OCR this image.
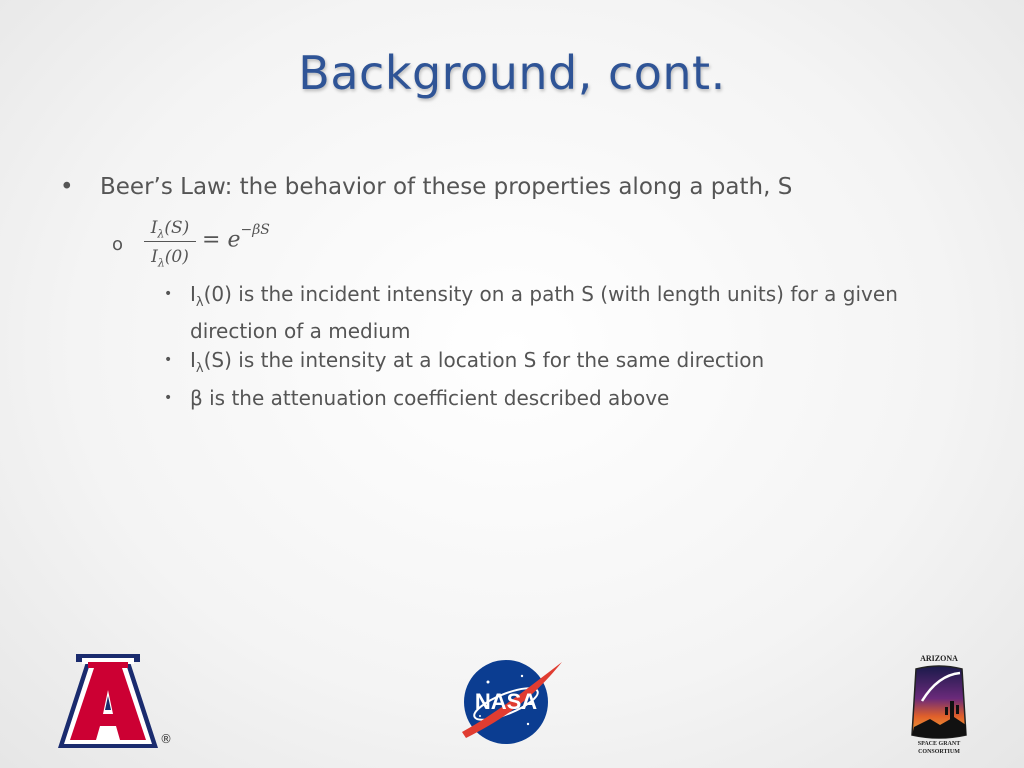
Background, cont.
• Beer’s Law: the behavior of these properties along a path, S
o
$I_\lambda(S)$
$I_\lambda(0)$
= $e^{-\beta S}$
• $I_\lambda(0)$ is the incident intensity on a path S (with length units) for a given direction of a medium
• $I_\lambda(S)$ is the intensity at a location S for the same direction
• β is the attenuation coefficient described above
®
NASA
ARIZONA
SPACE GRANT
CONSORTIUM
